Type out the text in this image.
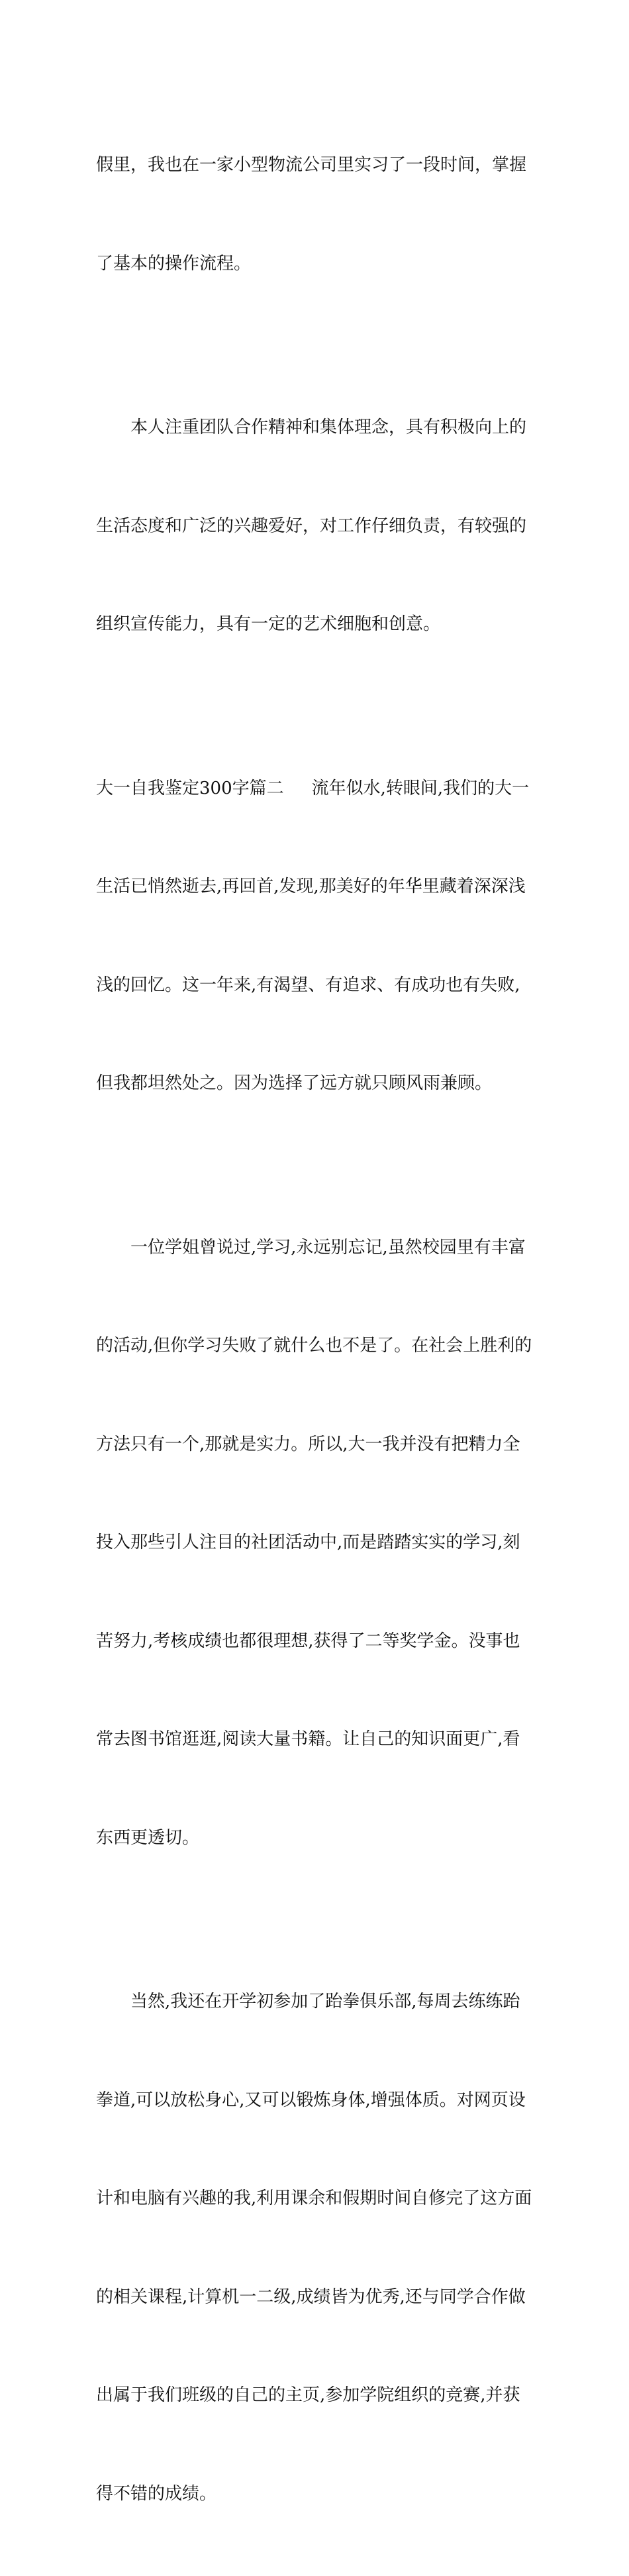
假里，我也在一家小型物流公司里实习了一段时间，掌握

了基本的操作流程。

本人注重团队合作精神和集体理念，具有积极向上的

生活态度和广泛的兴趣爱好，对工作仔细负责，有较强的

组织宣传能力，具有一定的艺术细胞和创意。

大一自我鉴定300字篇二 流年似水,转眼间,我们的大一

生活已悄然逝去,再回首,发现,那美好的年华里藏着深深浅

浅的回忆。这一年来,有渴望、有追求、有成功也有失败,

但我都坦然处之。因为选择了远方就只顾风雨兼顾。

一位学姐曾说过,学习,永远别忘记,虽然校园里有丰富

的活动,但你学习失败了就什么也不是了。在社会上胜利的

方法只有一个,那就是实力。所以,大一我并没有把精力全

投入那些引人注目的社团活动中,而是踏踏实实的学习,刻

苦努力,考核成绩也都很理想,获得了二等奖学金。没事也

常去图书馆逛逛,阅读大量书籍。让自己的知识面更广,看

东西更透切。

当然,我还在开学初参加了跆拳俱乐部,每周去练练跆

拳道,可以放松身心,又可以锻炼身体,增强体质。对网页设

计和电脑有兴趣的我,利用课余和假期时间自修完了这方面

的相关课程,计算机一二级,成绩皆为优秀,还与同学合作做

出属于我们班级的自己的主页,参加学院组织的竞赛,并获

得不错的成绩。
